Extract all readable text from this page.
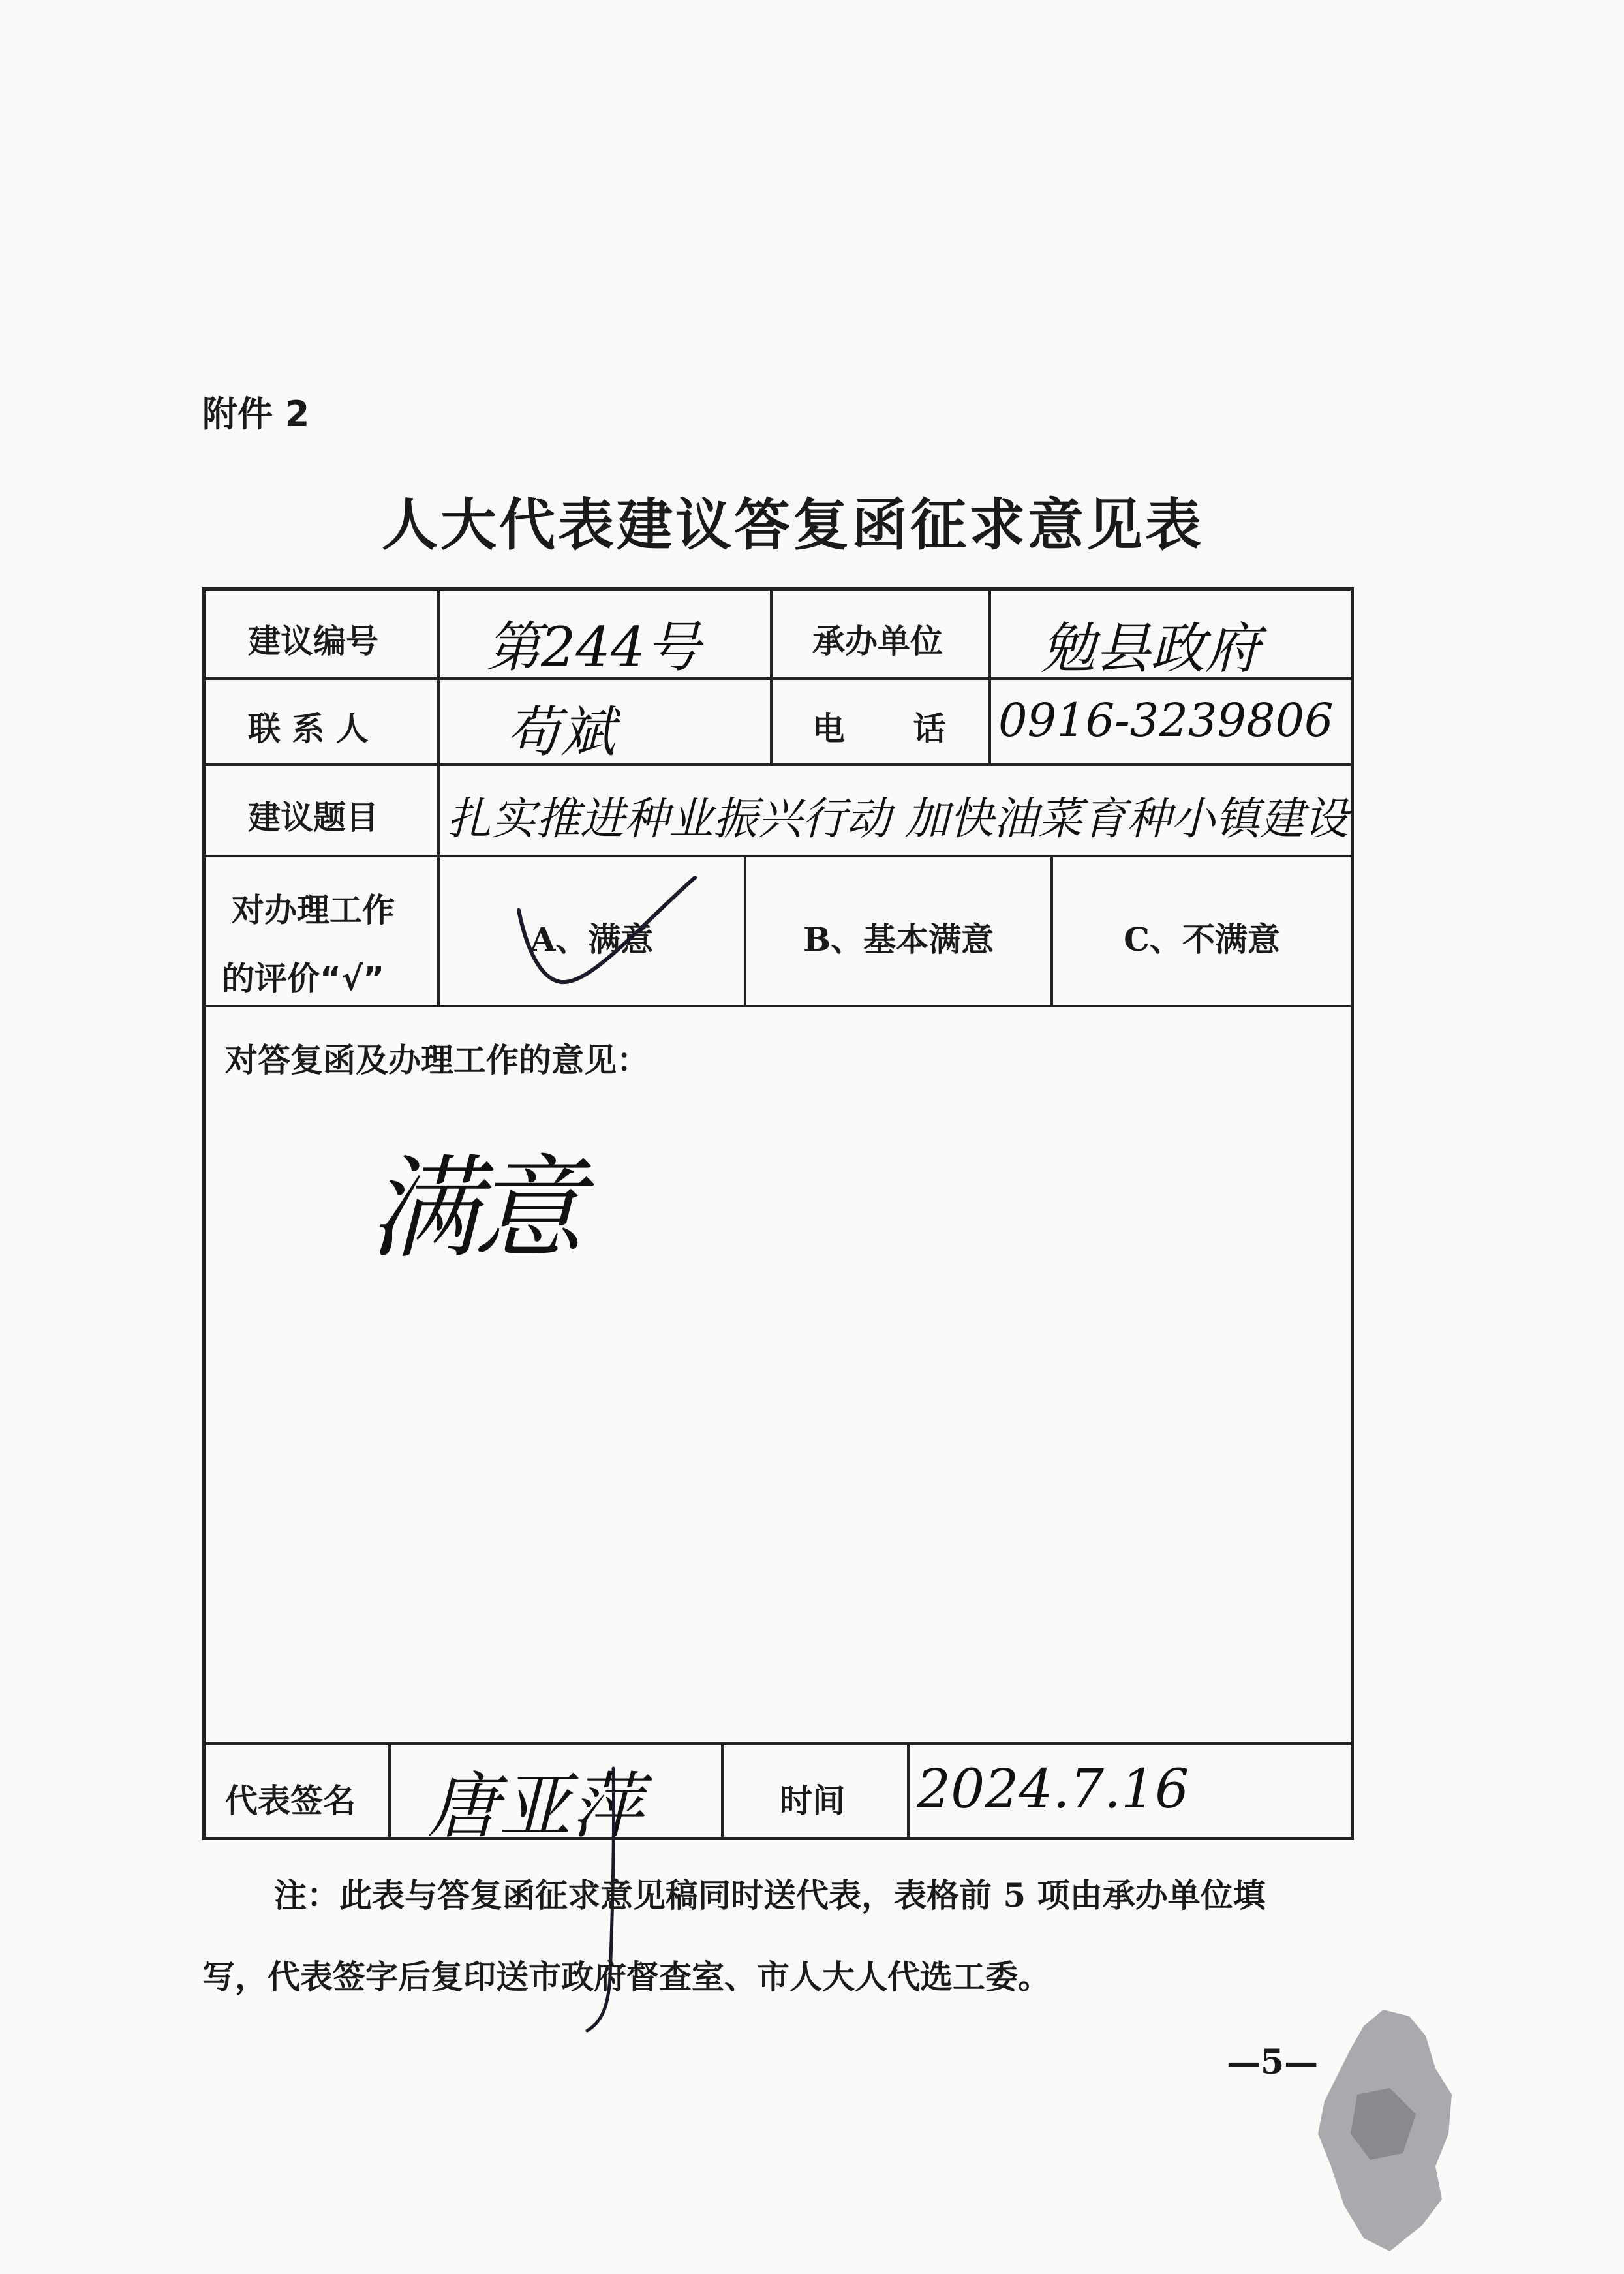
附件 2
人大代表建议答复函征求意见表
建议编号 第244号	承办单位 勉县政府
联 系 人	苟斌	电      话 0916-3239806
建议题目 扎实推进种业振兴行动 加快油菜育种小镇建设
对办理工作
的评价“√”
A、满意	B、基本满意	C、不满意
对答复函及办理工作的意见：
满意
代表签名 唐亚萍	时间 2024.7.16
注：此表与答复函征求意见稿同时送代表，表格前 5 项由承办单位填
写，代表签字后复印送市政府督查室、市人大人代选工委。
—5—
